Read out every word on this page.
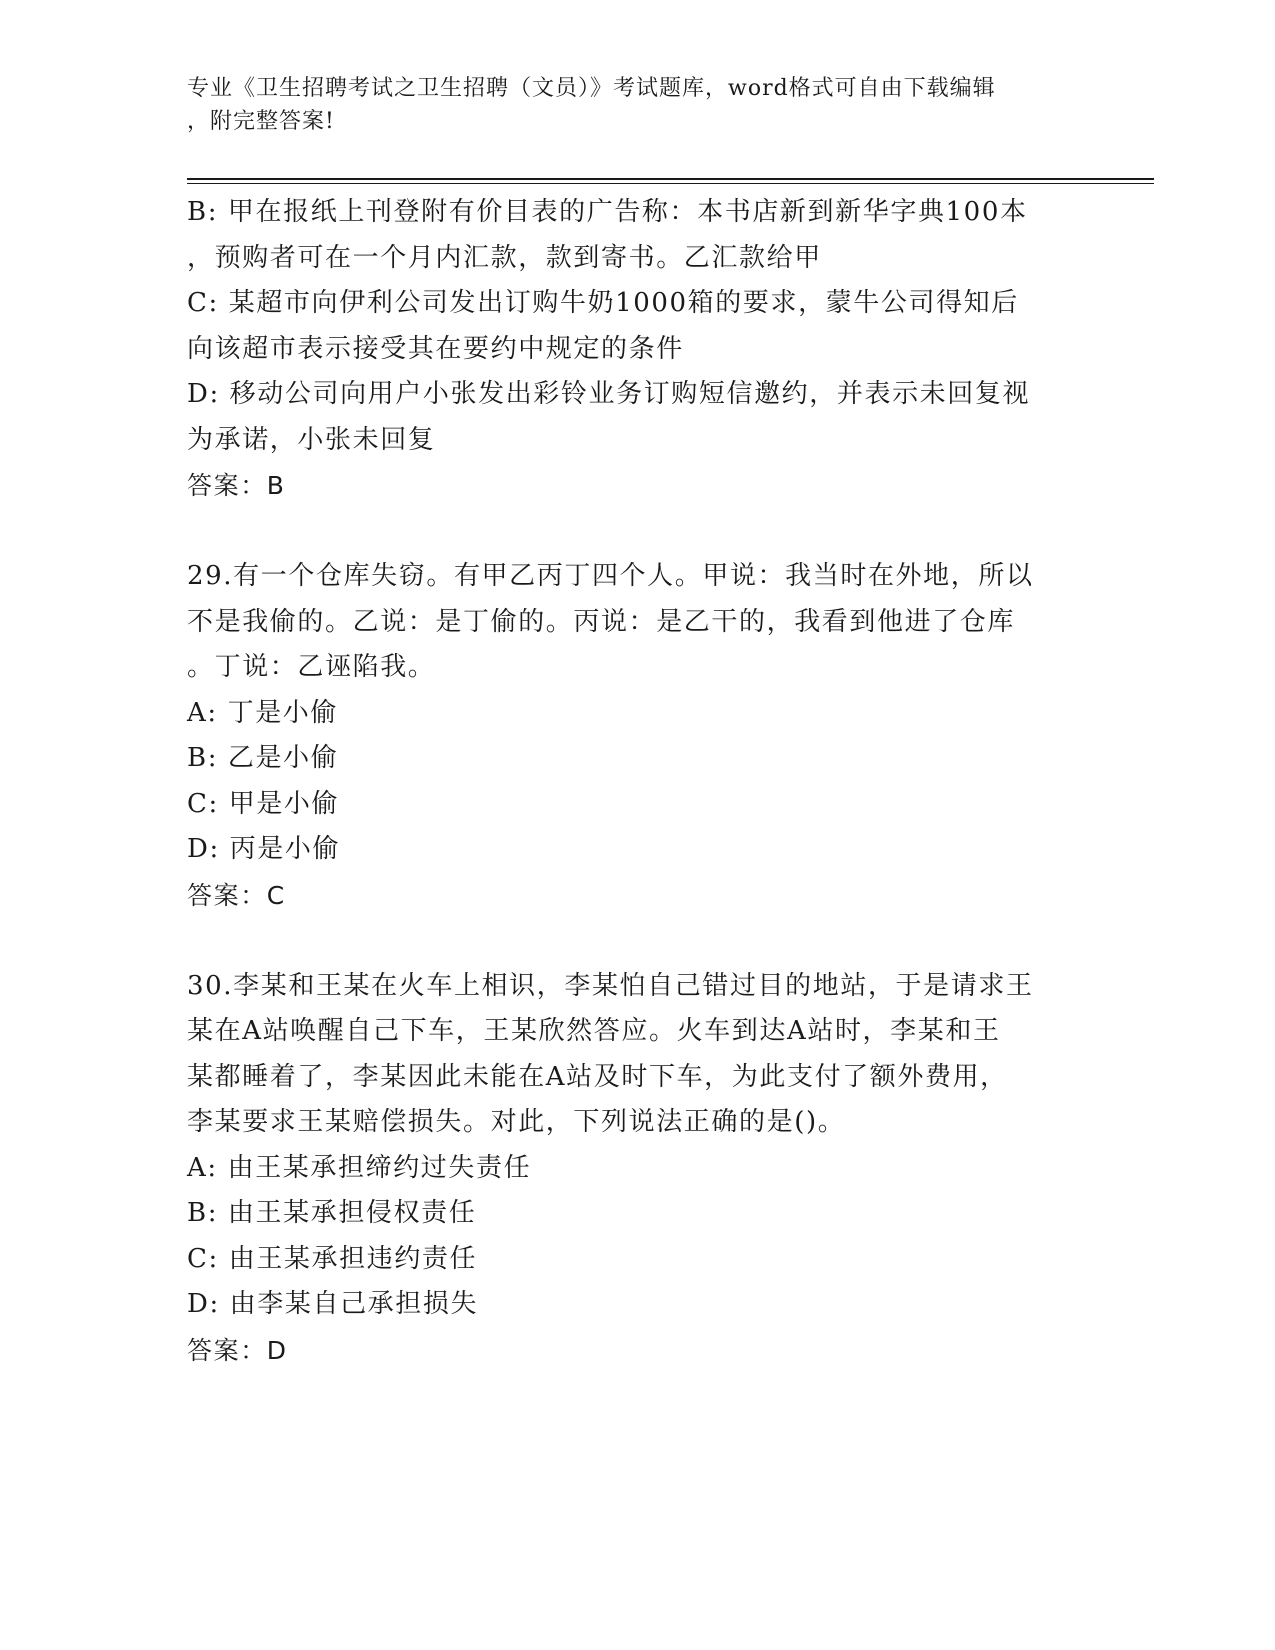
专业《卫生招聘考试之卫生招聘（文员）》考试题库，word格式可自由下载编辑
，附完整答案!
B: 甲在报纸上刊登附有价目表的广告称：本书店新到新华字典100本
，预购者可在一个月内汇款，款到寄书。乙汇款给甲
C: 某超市向伊利公司发出订购牛奶1000箱的要求，蒙牛公司得知后
向该超市表示接受其在要约中规定的条件
D: 移动公司向用户小张发出彩铃业务订购短信邀约，并表示未回复视
为承诺，小张未回复
答案：B
29.有一个仓库失窃。有甲乙丙丁四个人。甲说：我当时在外地，所以
不是我偷的。乙说：是丁偷的。丙说：是乙干的，我看到他进了仓库
。丁说：乙诬陷我。
A: 丁是小偷
B: 乙是小偷
C: 甲是小偷
D: 丙是小偷
答案：C
30.李某和王某在火车上相识，李某怕自己错过目的地站，于是请求王
某在A站唤醒自己下车，王某欣然答应。火车到达A站时，李某和王
某都睡着了，李某因此未能在A站及时下车，为此支付了额外费用，
李某要求王某赔偿损失。对此，下列说法正确的是()。
A: 由王某承担缔约过失责任
B: 由王某承担侵权责任
C: 由王某承担违约责任
D: 由李某自己承担损失
答案：D
